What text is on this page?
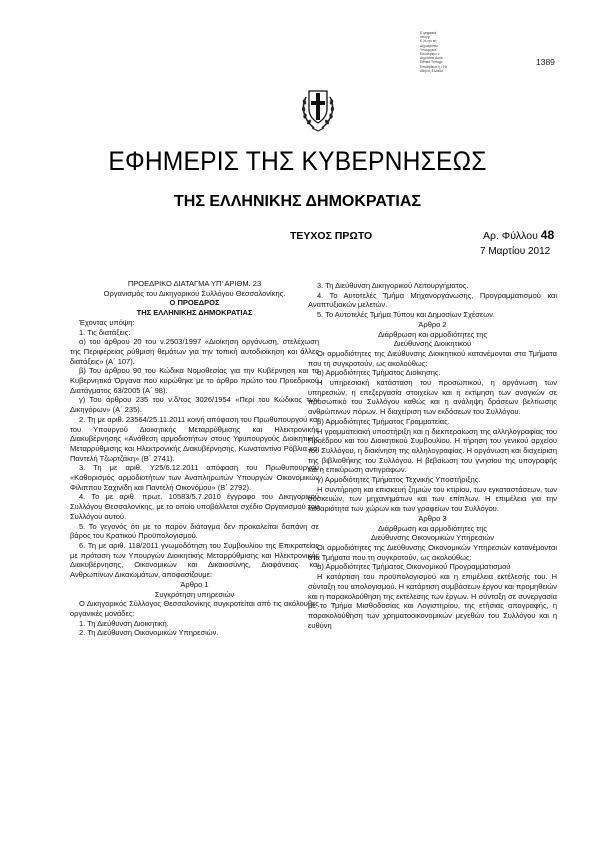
Ε ψηφιακά
υπογρ
Ε λλ ηνι κή
Δημοκρατία
Υπουργείο
Εσωτερικώ ν
Δημόσιας Διοίκ
Εθνικό Τυπογρ.
Επαλήθευσ η / Ηλ
Αθήνα, Ελλάδα
1389
ΕΦΗΜΕΡΙΣ ΤΗΣ ΚΥΒΕΡΝΗΣΕΩΣ
ΤΗΣ ΕΛΛΗΝΙΚΗΣ ΔΗΜΟΚΡΑΤΙΑΣ
ΤΕΥΧΟΣ ΠΡΩΤΟ	Αρ. Φύλλου 48
7 Μαρτίου 2012

ΠΡΟΕΔΡΙΚΟ ΔΙΑΤΑΓΜΑ ΥΠ’ ΑΡΙΘΜ. 23

Οργανισμός του Δικηγορικού Συλλόγου Θεσσαλονίκης.

Ο ΠΡΟΕΔΡΟΣ

ΤΗΣ ΕΛΛΗΝΙΚΗΣ ΔΗΜΟΚΡΑΤΙΑΣ

Έχοντας υπόψη:

1. Τις διατάξεις:

α) του άρθρου 20 του ν.2503/1997 «Διοίκηση οργάνωση, στελέχωση της Περιφέρειας ρύθμιση θεμάτων για την τοπική αυτοδιοίκηση και άλλες διατάξεις» (Α΄ 107).

β) Του άρθρου 90 του Κώδικα Νομοθεσίας για την Κυβέρνηση και τα Κυβερνητικά Όργανα που κυρώθηκε με το άρθρο πρώτο του Προεδρικού Διατάγματος 63/2005 (Α΄ 98).

γ) Του άρθρου 235 του ν.δ/τος 3026/1954 «Περί του Κώδικος των Δικηγόρων» (Α΄ 235).

2. Τη με αριθ. 23564/25.11.2011 κοινή απόφαση του Πρωθυπουργού και του Υπουργού Διοικητικής Μεταρρύθμισης και Ηλεκτρονικής Διακυβέρνησης «Ανάθεση αρμοδιοτήτων στους Υφυπουργούς Διοικητικής Μεταρρύθμισης και Ηλεκτρονικής Διακυβέρνησης, Κωνσταντίνο Ρόβλια και Παντελή Τζωρτζάκη» (Β΄ 2741).

3. Τη με αριθ. Υ25/6.12.2011 απόφαση του Πρωθυπουργού «Καθορισμός αρμοδιοτήτων των Αναπληρωτών Υπουργών Οικονομικών Φίλιππου Σαχινίδη και Παντελή Οικονόμου» (Β΄ 2792).

4. Το με αριθ. πρωτ. 10583/5.7.2010 έγγραφο του Δικηγορικού Συλλόγου Θεσσαλονίκης, με το οποίο υποβάλλεται σχέδιο Οργανισμού του Συλλόγου αυτού.

5. Το γεγονός ότι με το παρόν διάταγμα δεν προκαλείται δαπάνη σε βάρος του Κρατικού Προϋπολογισμού.

6. Τη με αριθ. 118/2011 γνωμοδότηση του Συμβουλίου της Επικρατείας με πρόταση των Υπουργών Διοικητικής Μεταρρύθμισης και Ηλεκτρονικής Διακυβέρνησης, Οικονομικών και Δικαιοσύνης, Διαφάνειας και Ανθρωπίνων Δικαιωμάτων, αποφασίζουμε:

Άρθρο 1

Συγκρότηση υπηρεσιών

Ο Δικηγορικός Σύλλογος Θεσσαλονίκης συγκροτείται από τις ακόλουθες οργανικές μονάδες:

1. Τη Διεύθυνση Διοικητική.

2. Τη Διεύθυνση Οικονομικών Υπηρεσιών.

3. Τη Διεύθυνση Δικηγορικού Λειτουργήματος.

4. Το Αυτοτελές Τμήμα Μηχανοργάνωσης, Προγραμματισμού και Αναπτυξιακών μελετών.

5. Το Αυτοτελές Τμήμα Τύπου και Δημοσίων Σχέσεων.

Άρθρο 2

Διάρθρωση και αρμοδιότητες της

Διεύθυνσης Διοικητικού

Οι αρμοδιότητες της Διεύθυνσης Διοικητικού κατανέμονται στα Τμήματα που τη συγκροτούν, ως ακολούθως:

α) Αρμοδιότητες Τμήματος Διοίκησης.

Η υπηρεσιακή κατάσταση του προσωπικού, η οργάνωση των υπηρεσιών, η επεξεργασία στοιχείων και η εκτίμηση των αναγκών σε προσωπικό του Συλλόγου καθώς και η ανάληψη δράσεων βελτίωσης ανθρώπινων πόρων. Η διαχείριση των εκδόσεων του Συλλόγου.

β) Αρμοδιότητες Τμήματος Γραμματείας.

Η γραμματειακή υποστήριξη και η διεκπεραίωση της αλληλογραφίας του Προέδρου και του Διοικητικού Συμβουλίου. Η τήρηση του γενικού αρχείου του Συλλόγου, η διακίνηση της αλληλογραφίας. Η οργάνωση και διαχείριση της βιβλιοθήκης του Συλλόγου. Η βεβαίωση του γνησίου της υπογραφής και η επικύρωση αντιγράφων.

γ) Αρμοδιότητες Τμήματος Τεχνικής Υποστήριξης.

Η συντήρηση και επισκευή ζημιών του κτιρίου, των εγκαταστάσεων, των συσκευών, των μηχανημάτων και των επίπλων. Η επιμέλεια για την καθαριότητα των χώρων και των γραφείων του Συλλόγου.

Άρθρο 3

Διάρθρωση και αρμοδιότητες της

Διεύθυνσης Οικονομικών Υπηρεσιών

Οι αρμοδιότητες της Διεύθυνσης Οικονομικών Υπηρεσιών κατανέμονται στα Τμήματα που τη συγκροτούν, ως ακολούθως:

α) Αρμοδιότητες Τμήματος Οικονομικού Προγραμματισμού

Η κατάρτιση του προϋπολογισμού και η επιμέλεια εκτέλεσής του. Η σύνταξη του απολογισμού. Η κατάρτιση συμβάσεων έργου και προμηθειών και η παρακολούθηση της εκτέλεσης των έργων. Η σύνταξη σε συνεργασία με το Τμήμα Μισθοδοσίας και Λογιστηρίου, της ετήσιας απογραφής, η παρακολούθηση των χρηματοοικονομικών μεγεθών του Συλλόγου και η ευθύνη
